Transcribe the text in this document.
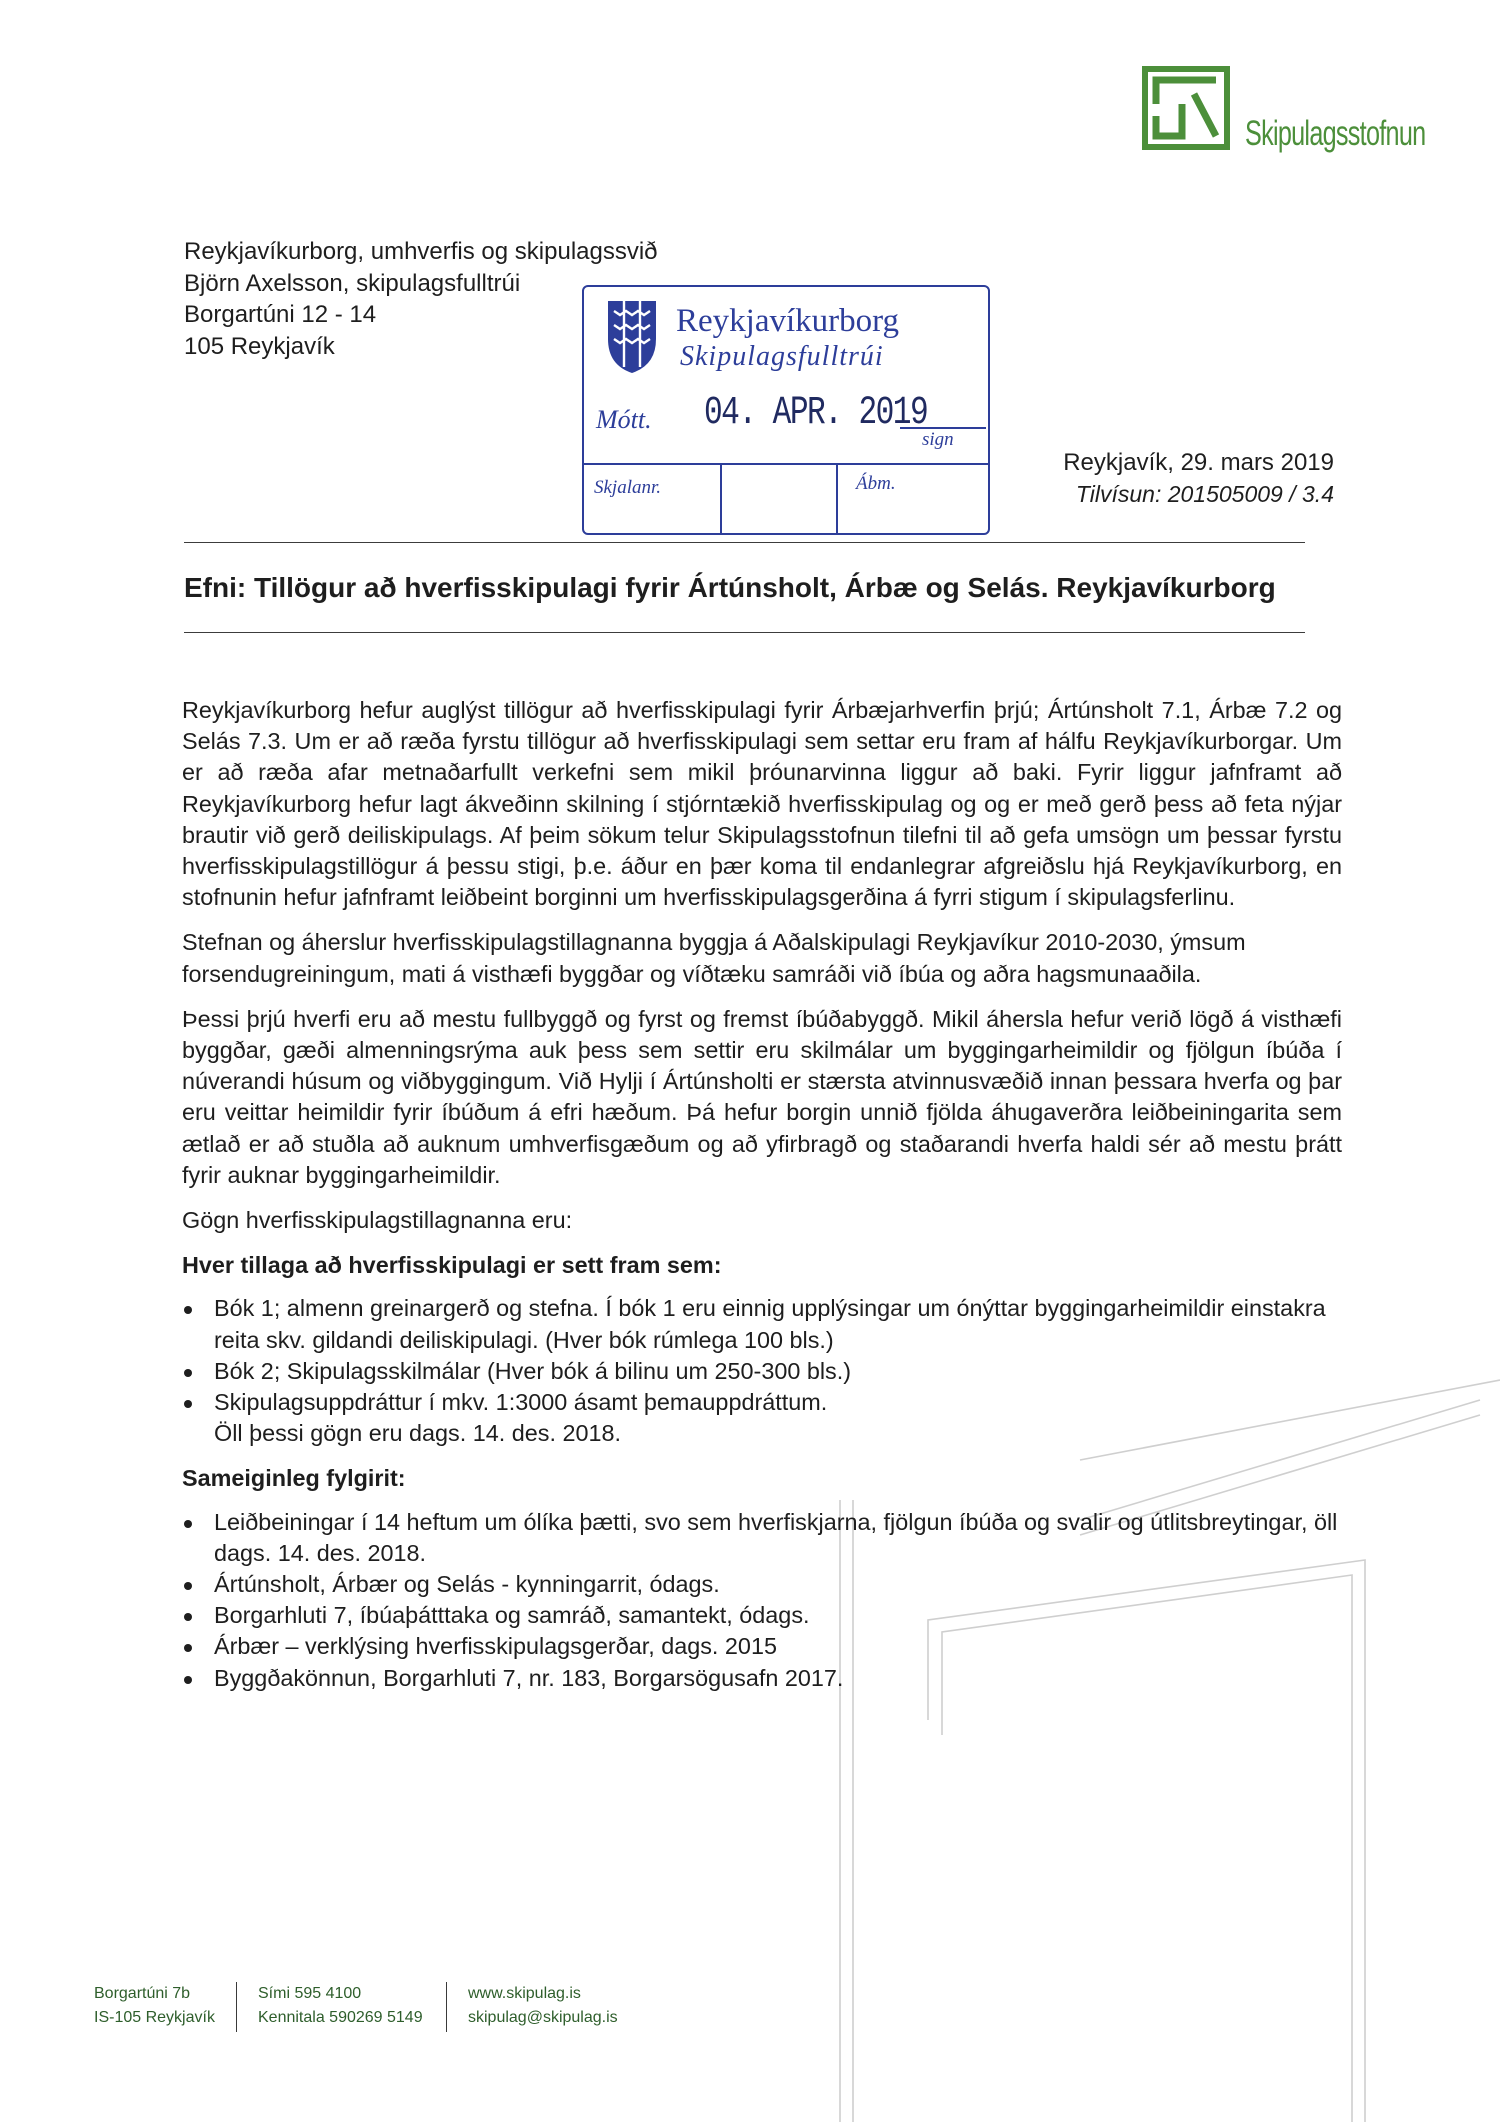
Skipulagsstofnun
Reykjavíkurborg, umhverfis og skipulagssvið
Björn Axelsson, skipulagsfulltrúi
Borgartúni 12 - 14
105 Reykjavík
Reykjavíkurborg
Skipulagsfulltrúi
Mótt. 04. APR. 2019
sign
Skjalanr.	Ábm.
Reykjavík, 29. mars 2019
Tilvísun: 201505009 / 3.4
Efni: Tillögur að hverfisskipulagi fyrir Ártúnsholt, Árbæ og Selás. Reykjavíkurborg

Reykjavíkurborg hefur auglýst tillögur að hverfisskipulagi fyrir Árbæjarhverfin þrjú; Ártúnsholt 7.1, Árbæ 7.2 og Selás 7.3. Um er að ræða fyrstu tillögur að hverfisskipulagi sem settar eru fram af hálfu Reykjavíkurborgar. Um er að ræða afar metnaðarfullt verkefni sem mikil þróunarvinna liggur að baki. Fyrir liggur jafnframt að Reykjavíkurborg hefur lagt ákveðinn skilning í stjórntækið hverfisskipulag og og er með gerð þess að feta nýjar brautir við gerð deiliskipulags. Af þeim sökum telur Skipulagsstofnun tilefni til að gefa umsögn um þessar fyrstu hverfisskipulagstillögur á þessu stigi, þ.e. áður en þær koma til endanlegrar afgreiðslu hjá Reykjavíkurborg, en stofnunin hefur jafnframt leiðbeint borginni um hverfisskipulagsgerðina á fyrri stigum í skipulagsferlinu.

Stefnan og áherslur hverfisskipulagstillagnanna byggja á Aðalskipulagi Reykjavíkur 2010-2030, ýmsum forsendugreiningum, mati á visthæfi byggðar og víðtæku samráði við íbúa og aðra hagsmunaaðila.

Þessi þrjú hverfi eru að mestu fullbyggð og fyrst og fremst íbúðabyggð. Mikil áhersla hefur verið lögð á visthæfi byggðar, gæði almenningsrýma auk þess sem settir eru skilmálar um byggingarheimildir og fjölgun íbúða í núverandi húsum og viðbyggingum. Við Hylji í Ártúnsholti er stærsta atvinnusvæðið innan þessara hverfa og þar eru veittar heimildir fyrir íbúðum á efri hæðum. Þá hefur borgin unnið fjölda áhugaverðra leiðbeiningarita sem ætlað er að stuðla að auknum umhverfisgæðum og að yfirbragð og staðarandi hverfa haldi sér að mestu þrátt fyrir auknar byggingarheimildir.

Gögn hverfisskipulagstillagnanna eru:

Hver tillaga að hverfisskipulagi er sett fram sem:
Bók 1; almenn greinargerð og stefna. Í bók 1 eru einnig upplýsingar um ónýttar byggingarheimildir einstakra reita skv. gildandi deiliskipulagi. (Hver bók rúmlega 100 bls.)
Bók 2; Skipulagsskilmálar (Hver bók á bilinu um 250-300 bls.)
Skipulagsuppdráttur í mkv. 1:3000 ásamt þemauppdráttum.
Öll þessi gögn eru dags. 14. des. 2018.
Sameiginleg fylgirit:
Leiðbeiningar í 14 heftum um ólíka þætti, svo sem hverfiskjarna, fjölgun íbúða og svalir og útlitsbreytingar, öll dags. 14. des. 2018.
Ártúnsholt, Árbær og Selás - kynningarrit, ódags.
Borgarhluti 7, íbúaþátttaka og samráð, samantekt, ódags.
Árbær – verklýsing hverfisskipulagsgerðar, dags. 2015
Byggðakönnun, Borgarhluti 7, nr. 183, Borgarsögusafn 2017.
Borgartúni 7b
IS-105 Reykjavík
Sími 595 4100
Kennitala 590269 5149
www.skipulag.is
skipulag@skipulag.is
